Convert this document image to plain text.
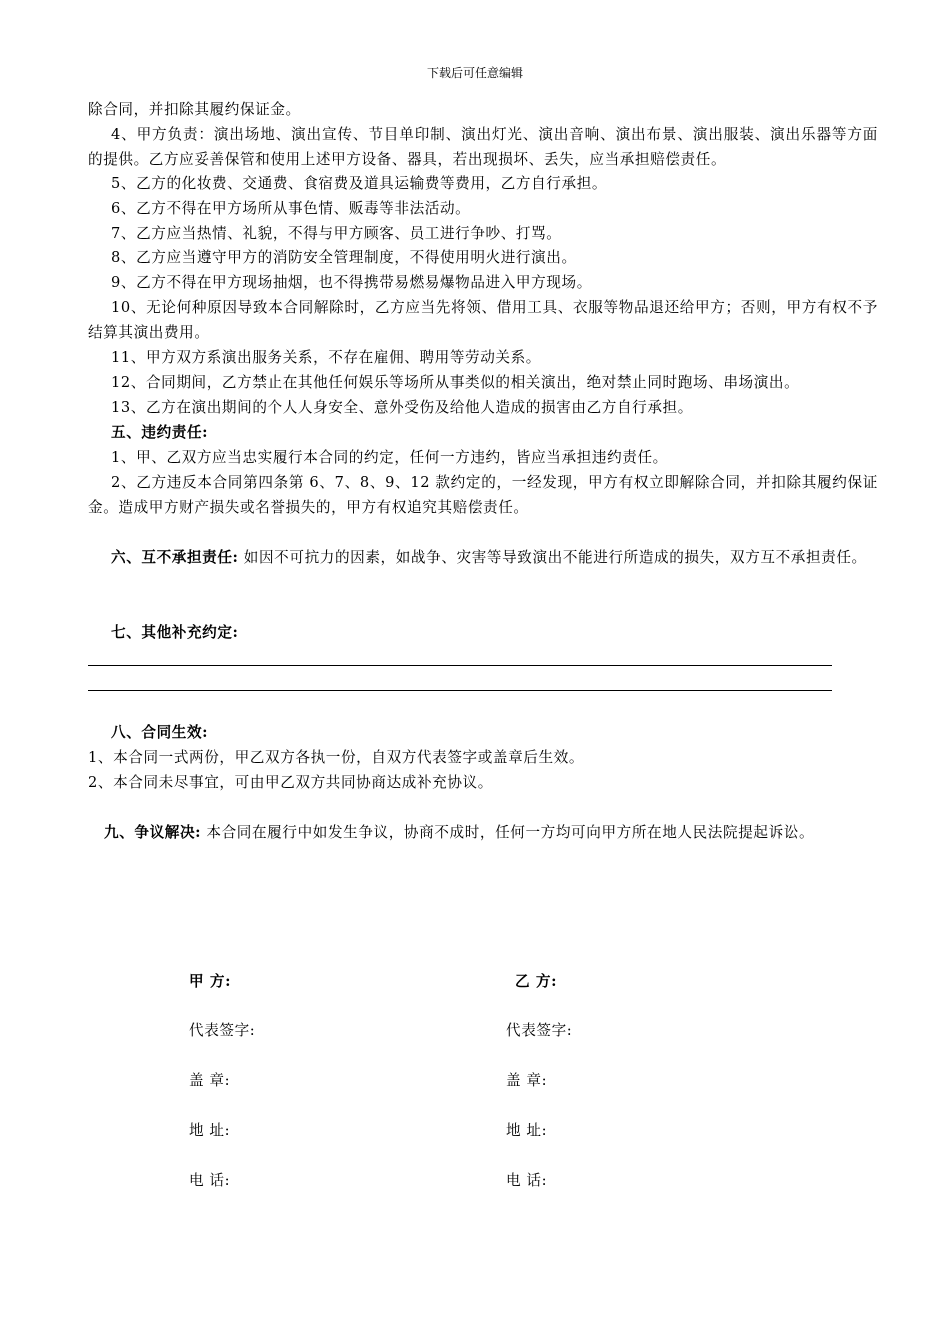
下载后可任意编辑
除合同，并扣除其履约保证金。
4、甲方负责：演出场地、演出宣传、节目单印制、演出灯光、演出音响、演出布景、演出服装、演出乐器等方面的提供。乙方应妥善保管和使用上述甲方设备、器具，若出现损坏、丢失，应当承担赔偿责任。
5、乙方的化妆费、交通费、食宿费及道具运输费等费用，乙方自行承担。
6、乙方不得在甲方场所从事色情、贩毒等非法活动。
7、乙方应当热情、礼貌，不得与甲方顾客、员工进行争吵、打骂。
8、乙方应当遵守甲方的消防安全管理制度，不得使用明火进行演出。
9、乙方不得在甲方现场抽烟，也不得携带易燃易爆物品进入甲方现场。
10、无论何种原因导致本合同解除时，乙方应当先将领、借用工具、衣服等物品退还给甲方；否则，甲方有权不予结算其演出费用。
11、甲方双方系演出服务关系，不存在雇佣、聘用等劳动关系。
12、合同期间，乙方禁止在其他任何娱乐等场所从事类似的相关演出，绝对禁止同时跑场、串场演出。
13、乙方在演出期间的个人人身安全、意外受伤及给他人造成的损害由乙方自行承担。
五、违约责任:
1、甲、乙双方应当忠实履行本合同的约定，任何一方违约，皆应当承担违约责任。
2、乙方违反本合同第四条第 6、7、8、9、12 款约定的，一经发现，甲方有权立即解除合同，并扣除其履约保证金。造成甲方财产损失或名誉损失的，甲方有权追究其赔偿责任。
六、互不承担责任: 如因不可抗力的因素，如战争、灾害等导致演出不能进行所造成的损失，双方互不承担责任。
七、其他补充约定:
八、合同生效:
1、本合同一式两份，甲乙双方各执一份，自双方代表签字或盖章后生效。
2、本合同未尽事宜，可由甲乙双方共同协商达成补充协议。
九、争议解决: 本合同在履行中如发生争议，协商不成时，任何一方均可向甲方所在地人民法院提起诉讼。
甲 方:	乙 方:
代表签字:	代表签字:
盖 章:	盖 章:
地 址:	地 址:
电 话:	电 话:
